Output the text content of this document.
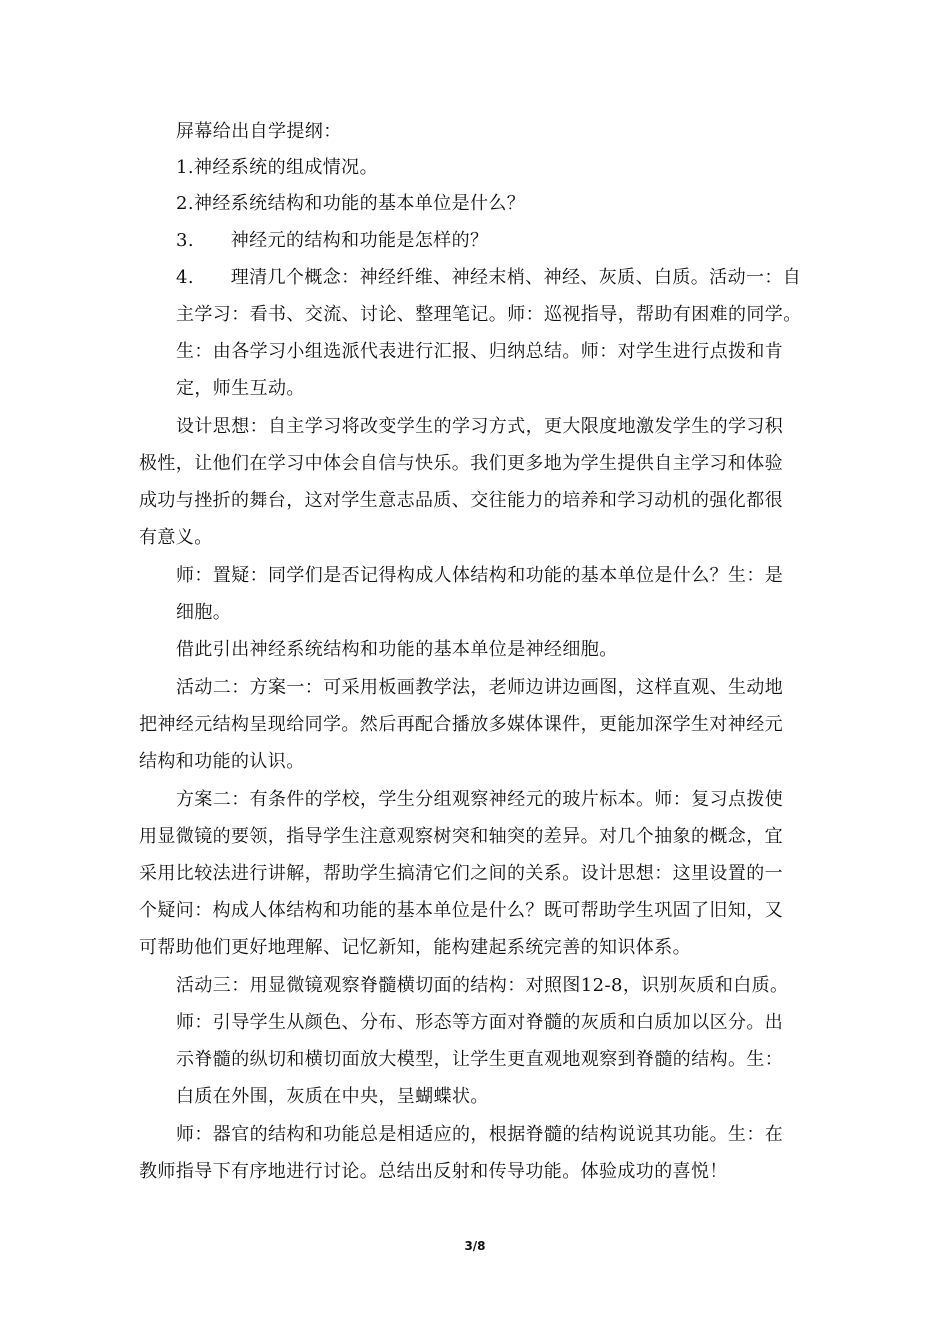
屏幕给出自学提纲：
1.神经系统的组成情况。
2.神经系统结构和功能的基本单位是什么？
3.　　神经元的结构和功能是怎样的？
4.　　理清几个概念：神经纤维、神经末梢、神经、灰质、白质。活动一：自
主学习：看书、交流、讨论、整理笔记。师：巡视指导，帮助有困难的同学。
生：由各学习小组选派代表进行汇报、归纳总结。师：对学生进行点拨和肯
定，师生互动。
设计思想：自主学习将改变学生的学习方式，更大限度地激发学生的学习积
极性，让他们在学习中体会自信与快乐。我们更多地为学生提供自主学习和体验
成功与挫折的舞台，这对学生意志品质、交往能力的培养和学习动机的强化都很
有意义。
师：置疑：同学们是否记得构成人体结构和功能的基本单位是什么？生：是
细胞。
借此引出神经系统结构和功能的基本单位是神经细胞。
活动二：方案一：可采用板画教学法，老师边讲边画图，这样直观、生动地
把神经元结构呈现给同学。然后再配合播放多媒体课件，更能加深学生对神经元
结构和功能的认识。
方案二：有条件的学校，学生分组观察神经元的玻片标本。师：复习点拨使
用显微镜的要领，指导学生注意观察树突和轴突的差异。对几个抽象的概念，宜
采用比较法进行讲解，帮助学生搞清它们之间的关系。设计思想：这里设置的一
个疑问：构成人体结构和功能的基本单位是什么？既可帮助学生巩固了旧知，又
可帮助他们更好地理解、记忆新知，能构建起系统完善的知识体系。
活动三：用显微镜观察脊髓横切面的结构：对照图12-8，识别灰质和白质。
师：引导学生从颜色、分布、形态等方面对脊髓的灰质和白质加以区分。出
示脊髓的纵切和横切面放大模型，让学生更直观地观察到脊髓的结构。生：
白质在外围，灰质在中央，呈蝴蝶状。
师：器官的结构和功能总是相适应的，根据脊髓的结构说说其功能。生：在
教师指导下有序地进行讨论。总结出反射和传导功能。体验成功的喜悦！
3/8
